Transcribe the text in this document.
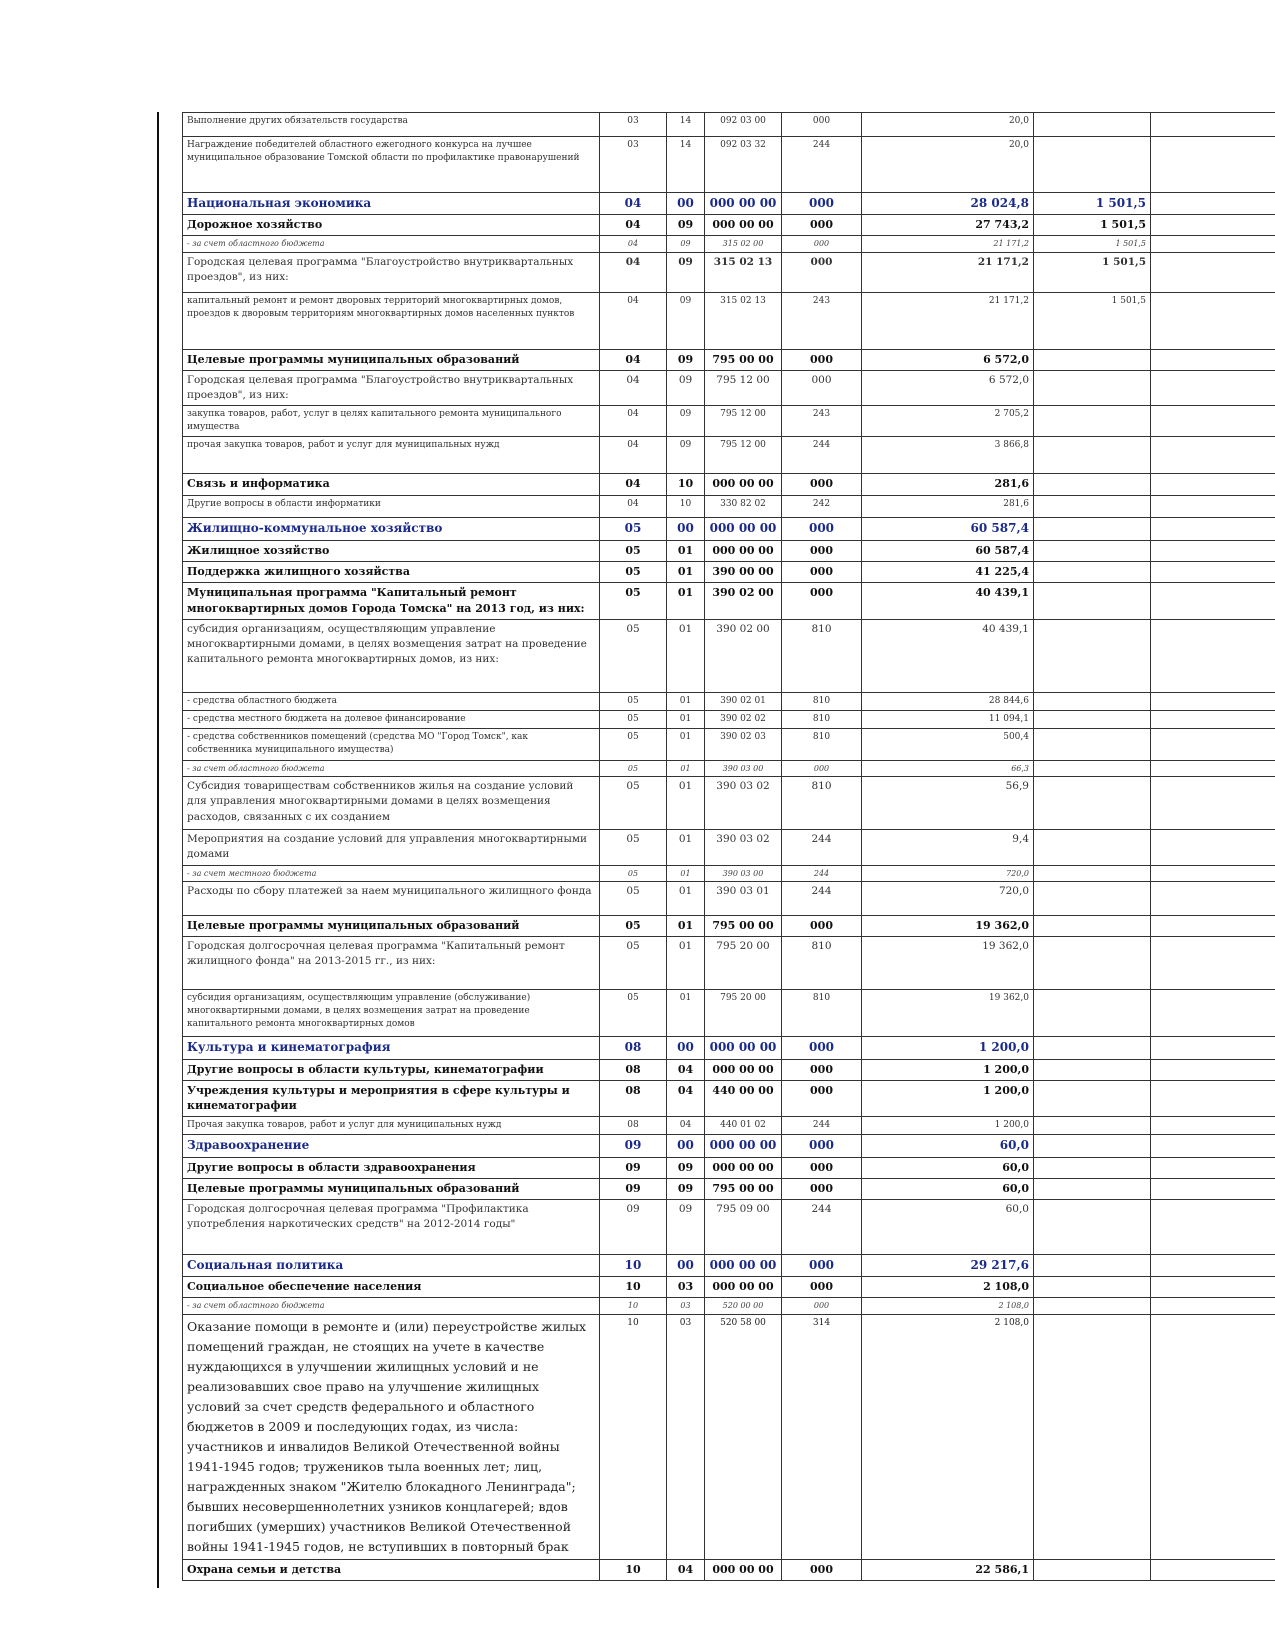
Выполнение других обязательств государства	03	14	092 03 00	000	20,0		
Награждение победителей областного ежегодного конкурса на лучшее муниципальное образование Томской области по профилактике правонарушений	03	14	092 03 32	244	20,0		
Национальная экономика	04	00	000 00 00	000	28 024,8	1 501,5	
Дорожное хозяйство	04	09	000 00 00	000	27 743,2	1 501,5	
- за счет областного бюджета	04	09	315 02 00	000	21 171,2	1 501,5	
Городская целевая программа "Благоустройство внутриквартальных проездов", из них:	04	09	315 02 13	000	21 171,2	1 501,5	
капитальный ремонт и ремонт дворовых территорий многоквартирных домов, проездов к дворовым территориям многоквартирных домов населенных пунктов	04	09	315 02 13	243	21 171,2	1 501,5	
Целевые программы муниципальных образований	04	09	795 00 00	000	6 572,0		
Городская целевая программа "Благоустройство внутриквартальных проездов", из них:	04	09	795 12 00	000	6 572,0		
закупка товаров, работ, услуг в целях капитального ремонта муниципального имущества	04	09	795 12 00	243	2 705,2		
прочая закупка товаров, работ и услуг для муниципальных нужд	04	09	795 12 00	244	3 866,8		
Связь и информатика	04	10	000 00 00	000	281,6		
Другие вопросы в области информатики	04	10	330 82 02	242	281,6		
Жилищно-коммунальное хозяйство	05	00	000 00 00	000	60 587,4		
Жилищное хозяйство	05	01	000 00 00	000	60 587,4		
Поддержка жилищного хозяйства	05	01	390 00 00	000	41 225,4		
Муниципальная программа "Капитальный ремонт многоквартирных домов Города Томска" на 2013 год, из них:	05	01	390 02 00	000	40 439,1		
субсидия организациям, осуществляющим управление многоквартирными домами, в целях возмещения затрат на проведение капитального ремонта многоквартирных домов, из них:	05	01	390 02 00	810	40 439,1		
- средства областного бюджета	05	01	390 02 01	810	28 844,6		
- средства местного бюджета на долевое финансирование	05	01	390 02 02	810	11 094,1		
- средства собственников помещений (средства МО "Город Томск", как собственника муниципального имущества)	05	01	390 02 03	810	500,4		
- за счет областного бюджета	05	01	390 03 00	000	66,3		
Субсидия товариществам собственников жилья на создание условий для управления многоквартирными домами в целях возмещения расходов, связанных с их созданием	05	01	390 03 02	810	56,9		
Мероприятия на создание условий для управления многоквартирными домами	05	01	390 03 02	244	9,4		
- за счет местного бюджета	05	01	390 03 00	244	720,0		
Расходы по сбору платежей за наем муниципального жилищного фонда	05	01	390 03 01	244	720,0		
Целевые программы муниципальных образований	05	01	795 00 00	000	19 362,0		
Городская долгосрочная целевая программа "Капитальный ремонт жилищного фонда" на 2013-2015 гг., из них:	05	01	795 20 00	810	19 362,0		
субсидия организациям, осуществляющим управление (обслуживание) многоквартирными домами, в целях возмещения затрат на проведение капитального ремонта многоквартирных домов	05	01	795 20 00	810	19 362,0		
Культура и кинематография	08	00	000 00 00	000	1 200,0		
Другие вопросы в области культуры, кинематографии	08	04	000 00 00	000	1 200,0		
Учреждения культуры и мероприятия в сфере культуры и кинематографии	08	04	440 00 00	000	1 200,0		
Прочая закупка товаров, работ и услуг для муниципальных нужд	08	04	440 01 02	244	1 200,0		
Здравоохранение	09	00	000 00 00	000	60,0		
Другие вопросы в области здравоохранения	09	09	000 00 00	000	60,0		
Целевые программы муниципальных образований	09	09	795 00 00	000	60,0		
Городская долгосрочная целевая программа "Профилактика употребления наркотических средств" на 2012-2014 годы"	09	09	795 09 00	244	60,0		
Социальная политика	10	00	000 00 00	000	29 217,6		
Социальное обеспечение населения	10	03	000 00 00	000	2 108,0		
- за счет областного бюджета	10	03	520 00 00	000	2 108,0		
Оказание помощи в ремонте и (или) переустройстве жилых помещений граждан, не стоящих на учете в качестве нуждающихся в улучшении жилищных условий и не реализовавших свое право на улучшение жилищных условий за счет средств федерального и областного бюджетов в 2009 и последующих годах, из числа: участников и инвалидов Великой Отечественной войны 1941-1945 годов; тружеников тыла военных лет; лиц, награжденных знаком "Жителю блокадного Ленинграда"; бывших несовершеннолетних узников концлагерей; вдов погибших (умерших) участников Великой Отечественной войны 1941-1945 годов, не вступивших в повторный брак	10	03	520 58 00	314	2 108,0		
Охрана семьи и детства	10	04	000 00 00	000	22 586,1		
